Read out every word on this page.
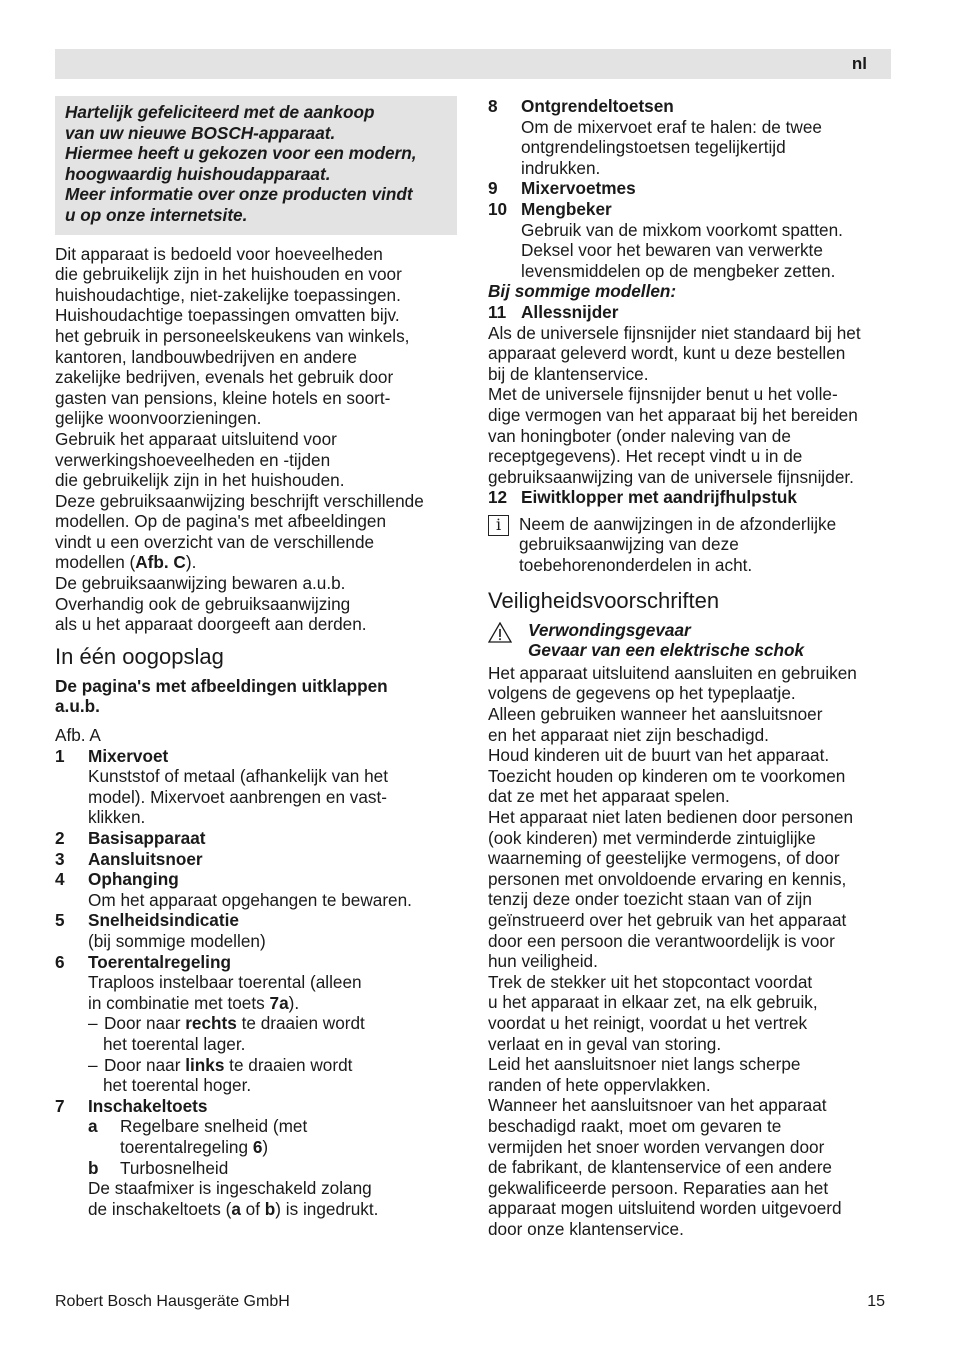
nl

Hartelijk gefeliciteerd met de aankoop

van uw nieuwe BOSCH-apparaat.

Hiermee heeft u gekozen voor een modern,

hoogwaardig huishoudapparaat.

Meer informatie over onze producten vindt

u op onze internetsite.

Dit apparaat is bedoeld voor hoeveelheden

die gebruikelijk zijn in het huishouden en voor

huishoudachtige, niet-zakelijke toepassingen.

Huishoudachtige toepassingen omvatten bijv.

het gebruik in personeelskeukens van winkels,

kantoren, landbouwbedrijven en andere

zakelijke bedrijven, evenals het gebruik door

gasten van pensions, kleine hotels en soort-

gelijke woonvoorzieningen.

Gebruik het apparaat uitsluitend voor

verwerkingshoeveelheden en -tijden

die gebruikelijk zijn in het huishouden.

Deze gebruiksaanwijzing beschrijft verschillende

modellen. Op de pagina's met afbeeldingen

vindt u een overzicht van de verschillende

modellen (Afb. C).

De gebruiksaanwijzing bewaren a.u.b.

Overhandig ook de gebruiksaanwijzing

als u het apparaat doorgeeft aan derden.

In één oogopslag

De pagina's met afbeeldingen uitklappen

a.u.b.

Afb. A

1	Mixervoet

Kunststof of metaal (afhankelijk van het

model). Mixervoet aanbrengen en vast-

klikken.

2	Basisapparaat
3	Aansluitsnoer
4	Ophanging

Om het apparaat opgehangen te bewaren.

5	Snelheidsindicatie

(bij sommige modellen)

6	Toerentalregeling

Traploos instelbaar toerental (alleen

in combinatie met toets 7a).

– Door naar rechts te draaien wordt

het toerental lager.

– Door naar links te draaien wordt

het toerental hoger.

7	Inschakeltoets
a	Regelbare snelheid (met

toerentalregeling 6)

b	Turbosnelheid

De staafmixer is ingeschakeld zolang

de inschakeltoets (a of b) is ingedrukt.

8	Ontgrendeltoetsen

Om de mixervoet eraf te halen: de twee

ontgrendelingstoetsen tegelijkertijd

indrukken.

9	Mixervoetmes
10 Mengbeker

Gebruik van de mixkom voorkomt spatten.

Deksel voor het bewaren van verwerkte

levensmiddelen op de mengbeker zetten.

Bij sommige modellen:

11 Allessnijder

Als de universele fijnsnijder niet standaard bij het

apparaat geleverd wordt, kunt u deze bestellen

bij de klantenservice.

Met de universele fijnsnijder benut u het volle-

dige vermogen van het apparaat bij het bereiden

van honingboter (onder naleving van de

receptgegevens). Het recept vindt u in de

gebruiksaanwijzing van de universele fijnsnijder.

12 Eiwitklopper met aandrijfhulpstuk
i	Neem de aanwijzingen in de afzonderlijke

gebruiksaanwijzing van deze

toebehorenonderdelen in acht.

Veiligheidsvoorschriften

Verwondingsgevaar

Gevaar van een elektrische schok

Het apparaat uitsluitend aansluiten en gebruiken

volgens de gegevens op het typeplaatje.

Alleen gebruiken wanneer het aansluitsnoer

en het apparaat niet zijn beschadigd.

Houd kinderen uit de buurt van het apparaat.

Toezicht houden op kinderen om te voorkomen

dat ze met het apparaat spelen.

Het apparaat niet laten bedienen door personen

(ook kinderen) met verminderde zintuiglijke

waarneming of geestelijke vermogens, of door

personen met onvoldoende ervaring en kennis,

tenzij deze onder toezicht staan van of zijn

geïnstrueerd over het gebruik van het apparaat

door een persoon die verantwoordelijk is voor

hun veiligheid.

Trek de stekker uit het stopcontact voordat

u het apparaat in elkaar zet, na elk gebruik,

voordat u het reinigt, voordat u het vertrek

verlaat en in geval van storing.

Leid het aansluitsnoer niet langs scherpe

randen of hete oppervlakken.

Wanneer het aansluitsnoer van het apparaat

beschadigd raakt, moet om gevaren te

vermijden het snoer worden vervangen door

de fabrikant, de klantenservice of een andere

gekwalificeerde persoon. Reparaties aan het

apparaat mogen uitsluitend worden uitgevoerd

door onze klantenservice.

Robert Bosch Hausgeräte GmbH	15
